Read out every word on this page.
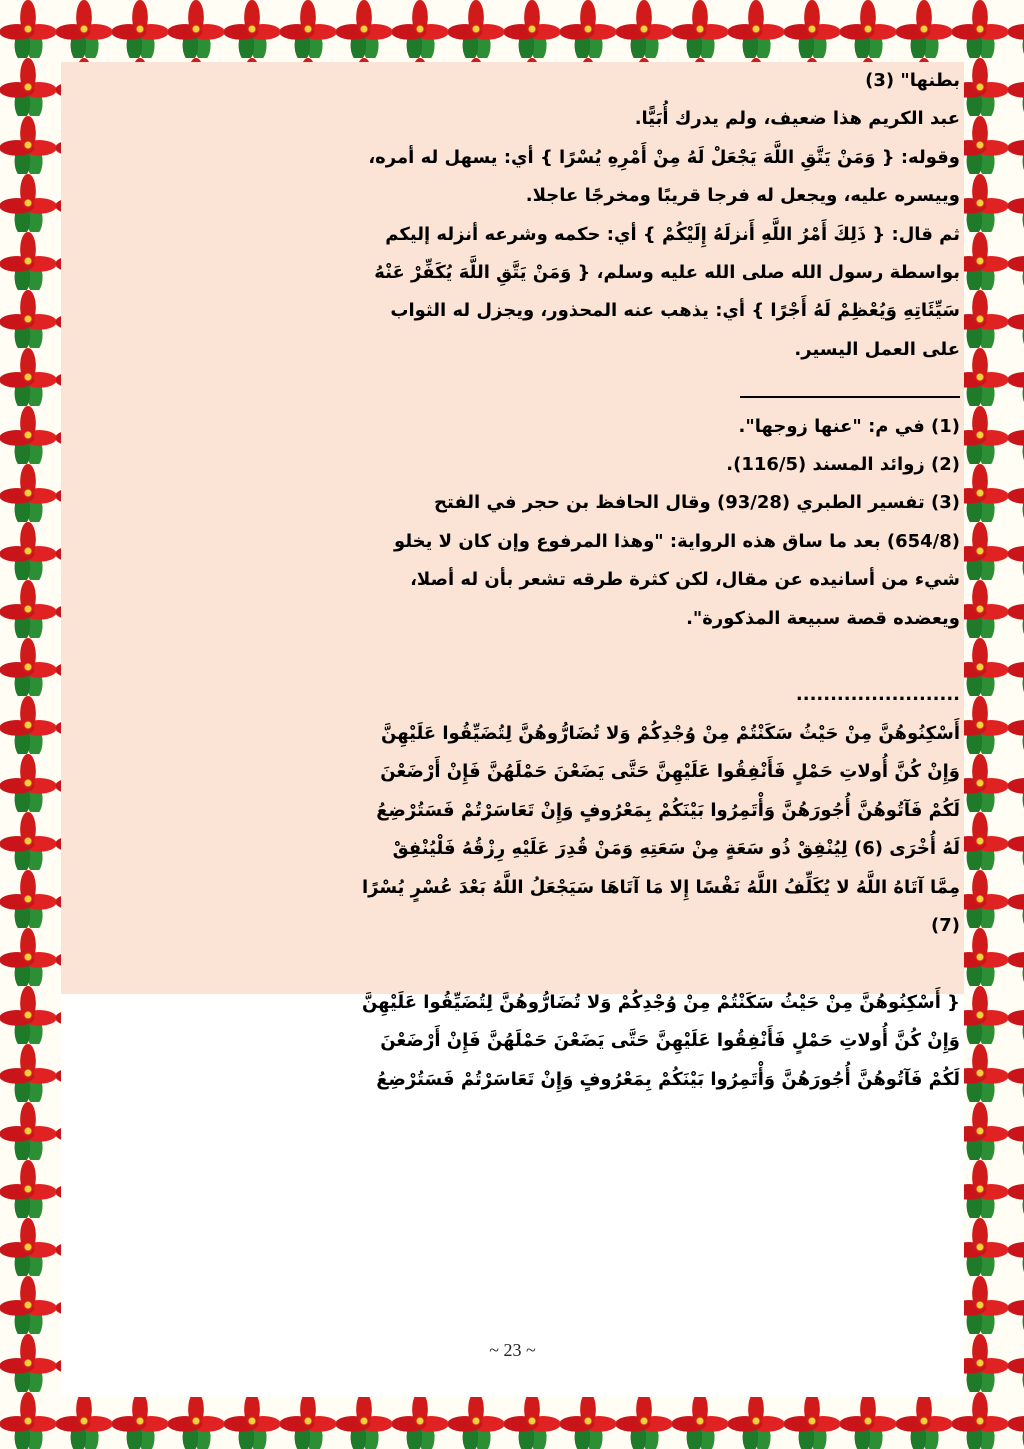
بطنها" (3)

عبد الكريم هذا ضعيف، ولم يدرك أُبَيًّا.

وقوله: { وَمَنْ يَتَّقِ اللَّهَ يَجْعَلْ لَهُ مِنْ أَمْرِهِ يُسْرًا } أي: يسهل له أمره،

وييسره عليه، ويجعل له فرجا قريبًا ومخرجًا عاجلا.

ثم قال: { ذَلِكَ أَمْرُ اللَّهِ أَنزلَهُ إِلَيْكُمْ } أي: حكمه وشرعه أنزله إليكم

بواسطة رسول الله صلى الله عليه وسلم، { وَمَنْ يَتَّقِ اللَّهَ يُكَفِّرْ عَنْهُ

سَيِّئَاتِهِ وَيُعْظِمْ لَهُ أَجْرًا } أي: يذهب عنه المحذور، ويجزل له الثواب

على العمل اليسير.

(1) في م: "عنها زوجها".

(2) زوائد المسند (116/5).

(3) تفسير الطبري (93/28) وقال الحافظ بن حجر في الفتح

(654/8) بعد ما ساق هذه الرواية: "وهذا المرفوع وإن كان لا يخلو

شيء من أسانيده عن مقال، لكن كثرة طرقه تشعر بأن له أصلا،

ويعضده قصة سبيعة المذكورة".

........................

أَسْكِنُوهُنَّ مِنْ حَيْثُ سَكَنْتُمْ مِنْ وُجْدِكُمْ وَلا تُضَارُّوهُنَّ لِتُضَيِّقُوا عَلَيْهِنَّ

وَإِنْ كُنَّ أُولاتِ حَمْلٍ فَأَنْفِقُوا عَلَيْهِنَّ حَتَّى يَضَعْنَ حَمْلَهُنَّ فَإِنْ أَرْضَعْنَ

لَكُمْ فَآتُوهُنَّ أُجُورَهُنَّ وَأْتَمِرُوا بَيْنَكُمْ بِمَعْرُوفٍ وَإِنْ تَعَاسَرْتُمْ فَسَتُرْضِعُ

لَهُ أُخْرَى (6) لِيُنْفِقْ ذُو سَعَةٍ مِنْ سَعَتِهِ وَمَنْ قُدِرَ عَلَيْهِ رِزْقُهُ فَلْيُنْفِقْ

مِمَّا آتَاهُ اللَّهُ لا يُكَلِّفُ اللَّهُ نَفْسًا إِلا مَا آتَاهَا سَيَجْعَلُ اللَّهُ بَعْدَ عُسْرٍ يُسْرًا

(7)

{ أَسْكِنُوهُنَّ مِنْ حَيْثُ سَكَنْتُمْ مِنْ وُجْدِكُمْ وَلا تُضَارُّوهُنَّ لِتُضَيِّقُوا عَلَيْهِنَّ

وَإِنْ كُنَّ أُولاتِ حَمْلٍ فَأَنْفِقُوا عَلَيْهِنَّ حَتَّى يَضَعْنَ حَمْلَهُنَّ فَإِنْ أَرْضَعْنَ

لَكُمْ فَآتُوهُنَّ أُجُورَهُنَّ وَأْتَمِرُوا بَيْنَكُمْ بِمَعْرُوفٍ وَإِنْ تَعَاسَرْتُمْ فَسَتُرْضِعُ

~ 23 ~
